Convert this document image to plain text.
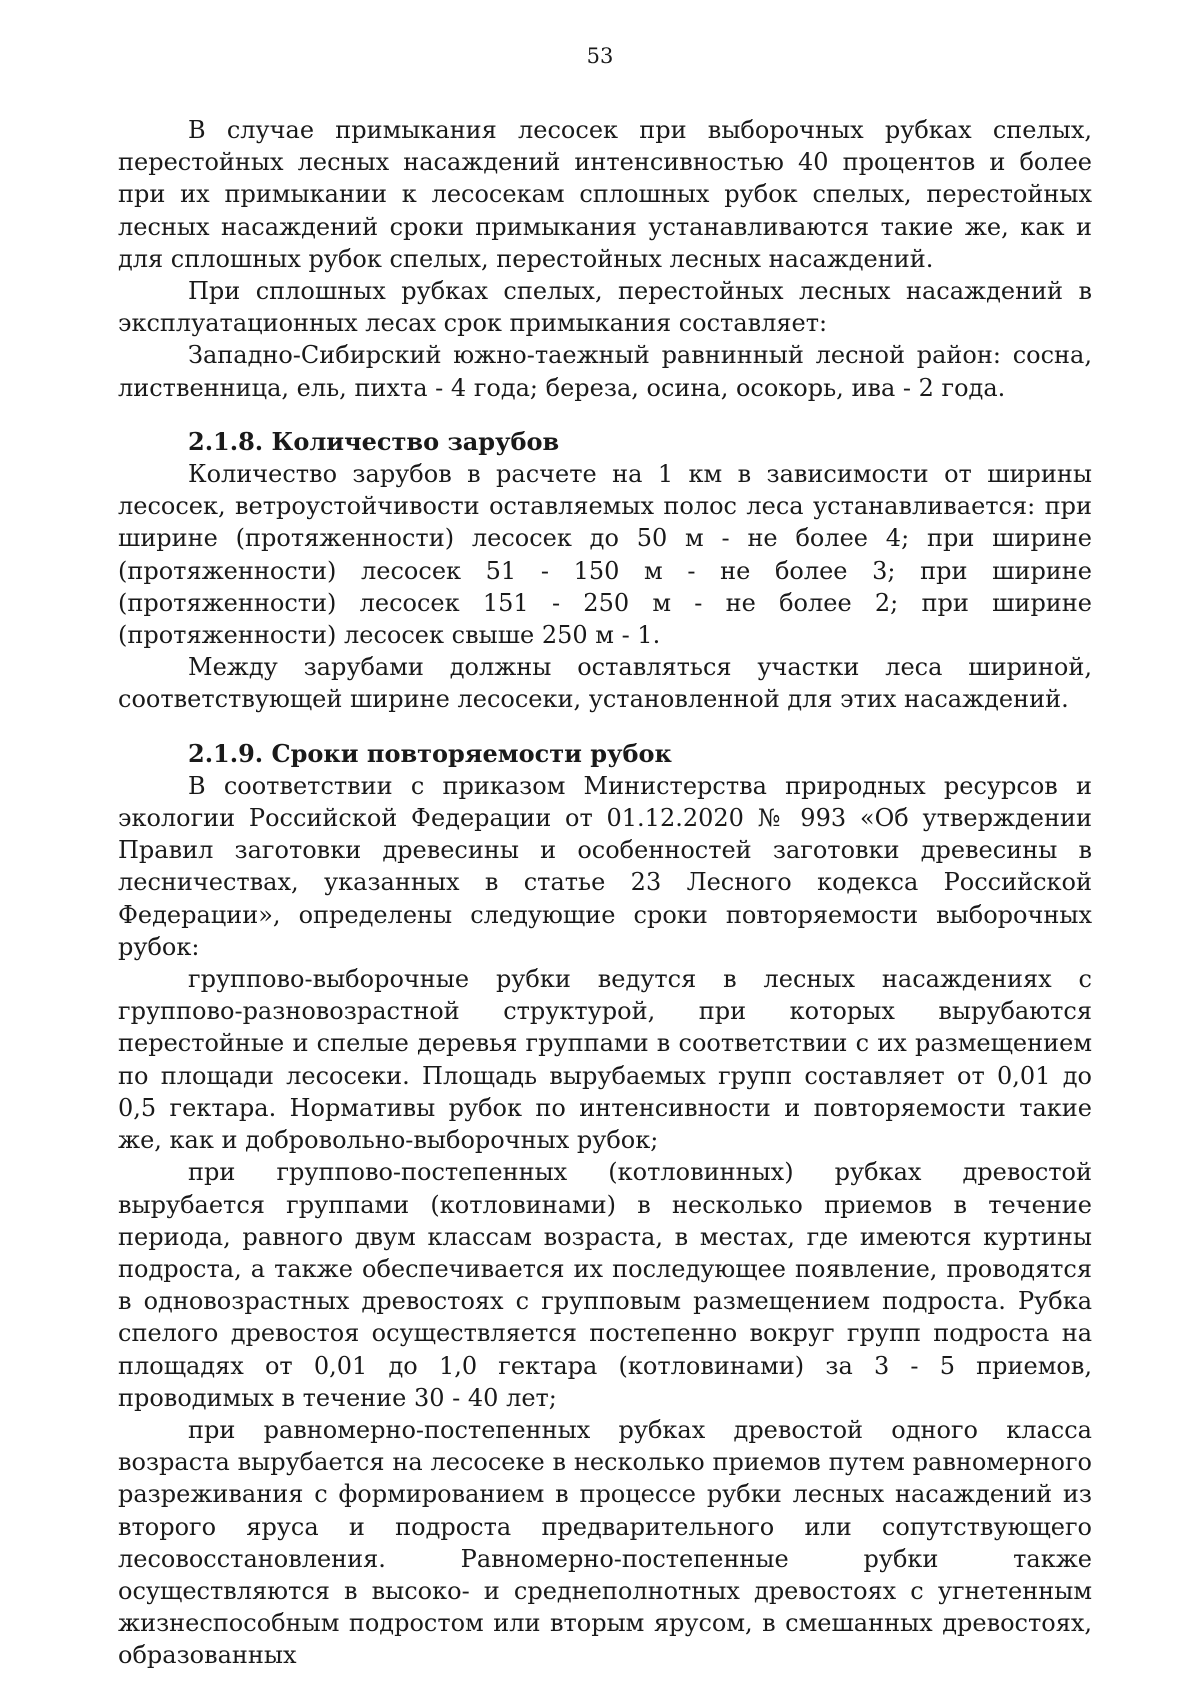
53

В случае примыкания лесосек при выборочных рубках спелых, перестойных лесных насаждений интенсивностью 40 процентов и более при их примыкании к лесосекам сплошных рубок спелых, перестойных лесных насаждений сроки примыкания устанавливаются такие же, как и для сплошных рубок спелых, перестойных лесных насаждений.

При сплошных рубках спелых, перестойных лесных насаждений в эксплуатационных лесах срок примыкания составляет:

Западно-Сибирский южно-таежный равнинный лесной район: сосна, лиственница, ель, пихта - 4 года; береза, осина, осокорь, ива - 2 года.

2.1.8. Количество зарубов

Количество зарубов в расчете на 1 км в зависимости от ширины лесосек, ветроустойчивости оставляемых полос леса устанавливается: при ширине (протяженности) лесосек до 50 м - не более 4; при ширине (протяженности) лесосек 51 - 150 м - не более 3; при ширине (протяженности) лесосек 151 - 250 м - не более 2; при ширине (протяженности) лесосек свыше 250 м - 1.

Между зарубами должны оставляться участки леса шириной, соответствующей ширине лесосеки, установленной для этих насаждений.

2.1.9. Сроки повторяемости рубок

В соответствии с приказом Министерства природных ресурсов и экологии Российской Федерации от 01.12.2020 № 993 «Об утверждении Правил заготовки древесины и особенностей заготовки древесины в лесничествах, указанных в статье 23 Лесного кодекса Российской Федерации», определены следующие сроки повторяемости выборочных рубок:

группово-выборочные рубки ведутся в лесных насаждениях с группово-разновозрастной структурой, при которых вырубаются перестойные и спелые деревья группами в соответствии с их размещением по площади лесосеки. Площадь вырубаемых групп составляет от 0,01 до 0,5 гектара. Нормативы рубок по интенсивности и повторяемости такие же, как и добровольно-выборочных рубок;

при группово-постепенных (котловинных) рубках древостой вырубается группами (котловинами) в несколько приемов в течение периода, равного двум классам возраста, в местах, где имеются куртины подроста, а также обеспечивается их последующее появление, проводятся в одновозрастных древостоях с групповым размещением подроста. Рубка спелого древостоя осуществляется постепенно вокруг групп подроста на площадях от 0,01 до 1,0 гектара (котловинами) за 3 - 5 приемов, проводимых в течение 30 - 40 лет;

при равномерно-постепенных рубках древостой одного класса возраста вырубается на лесосеке в несколько приемов путем равномерного разреживания с формированием в процессе рубки лесных насаждений из второго яруса и подроста предварительного или сопутствующего лесовосстановления. Равномерно-постепенные рубки также осуществляются в высоко- и среднеполнотных древостоях с угнетенным жизнеспособным подростом или вторым ярусом, в смешанных древостоях, образованных
